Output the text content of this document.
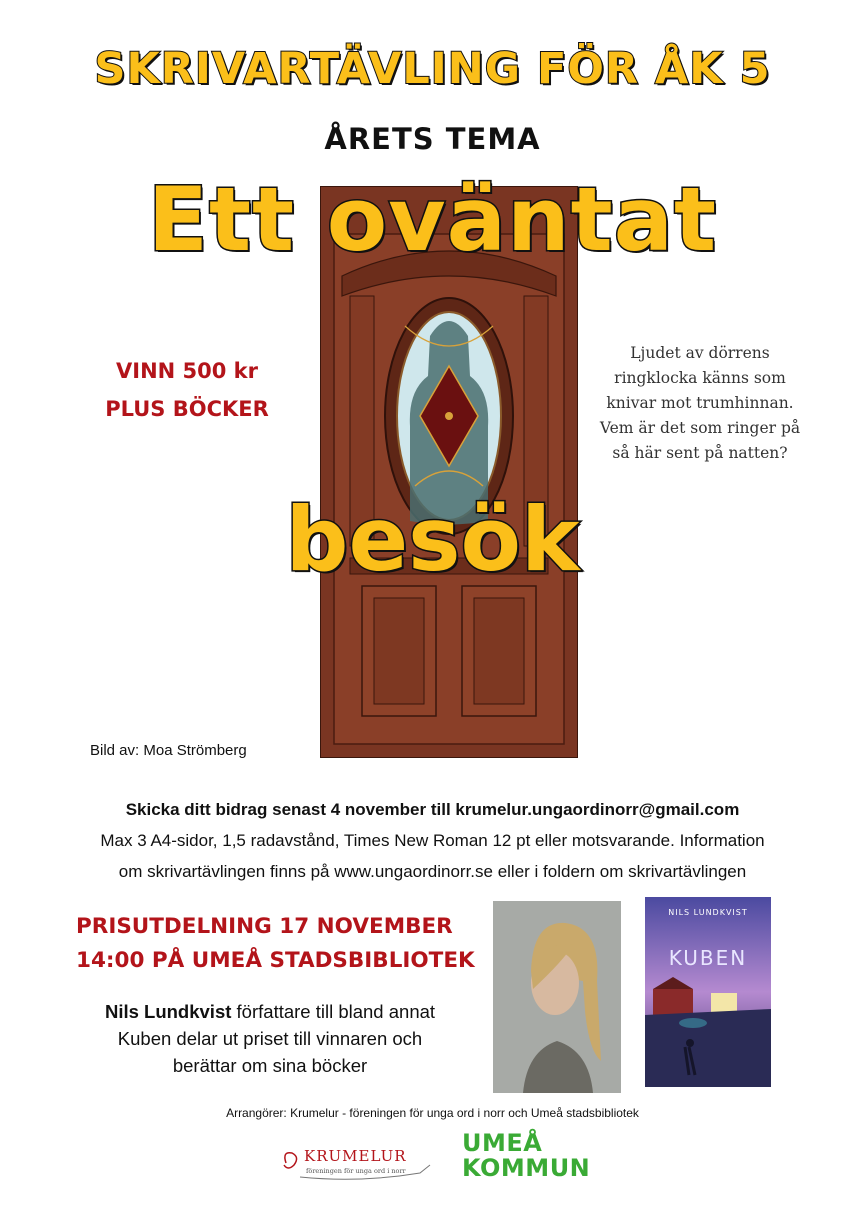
SKRIVARTÄVLING FÖR ÅK 5
ÅRETS TEMA
Ett oväntat
besök
VINN 500 kr
PLUS BÖCKER
Ljudet av dörrens
ringklocka känns som
knivar mot trumhinnan.
Vem är det som ringer på
så här sent på natten?
Bild av: Moa Strömberg
Skicka ditt bidrag senast 4 november till krumelur.ungaordinorr@gmail.com
Max 3 A4-sidor, 1,5 radavstånd, Times New Roman 12 pt eller motsvarande. Information
om skrivartävlingen finns på www.ungaordinorr.se eller i foldern om skrivartävlingen
PRISUTDELNING 17 NOVEMBER
14:00 PÅ UMEÅ STADSBIBLIOTEK
Nils Lundkvist författare till bland annat
Kuben delar ut priset till vinnaren och
berättar om sina böcker
NILS LUNDKVIST
KUBEN
Arrangörer: Krumelur - föreningen för unga ord i norr och Umeå stadsbibliotek
KRUMELUR
föreningen för unga ord i norr
UMEÅ
KOMMUN
